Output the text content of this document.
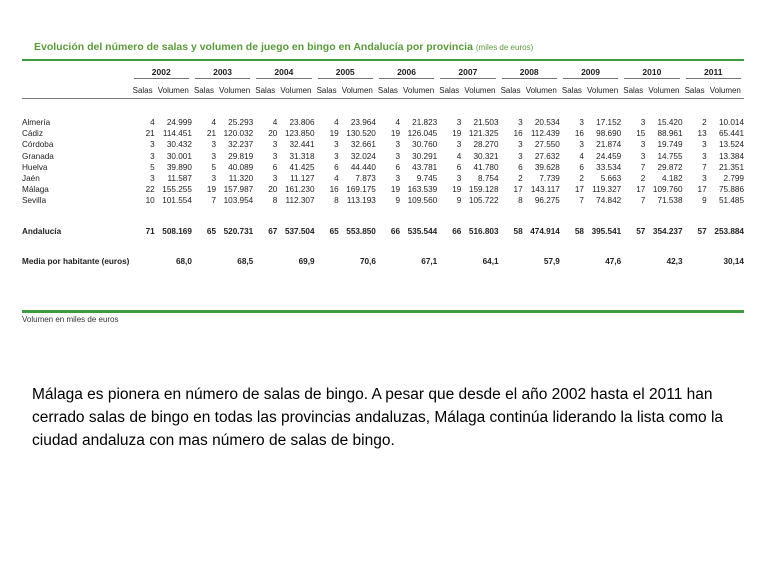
Evolución del número de salas y volumen de juego en bingo en Andalucía por provincia (miles de euros)

	2002		2003		2004		2005		2006		2007		2008		2009		2010		2011	

	Salas	Volumen	Salas	Volumen	Salas	Volumen	Salas	Volumen	Salas	Volumen	Salas	Volumen	Salas	Volumen	Salas	Volumen	Salas	Volumen	Salas	Volumen

Almería	4	24.999	4	25.293	4	23.806	4	23.964	4	21.823	3	21.503	3	20.534	3	17.152	3	15.420	2	10.014
Cádiz	21	114.451	21	120.032	20	123.850	19	130.520	19	126.045	19	121.325	16	112.439	16	98.690	15	88.961	13	65.441
Córdoba	3	30.432	3	32.237	3	32.441	3	32.661	3	30.760	3	28.270	3	27.550	3	21.874	3	19.749	3	13.524
Granada	3	30.001	3	29.819	3	31.318	3	32.024	3	30.291	4	30.321	3	27.632	4	24.459	3	14.755	3	13.384
Huelva	5	39.890	5	40.089	6	41.425	6	44.440	6	43.781	6	41.780	6	39.628	6	33.534	7	29.872	7	21.351
Jaén	3	11.587	3	11.320	3	11.127	4	7.873	3	9.745	3	8.754	2	7.739	2	5.663	2	4.182	3	2.799
Málaga	22	155.255	19	157.987	20	161.230	16	169.175	19	163.539	19	159.128	17	143.117	17	119.327	17	109.760	17	75.886
Sevilla	10	101.554	7	103.954	8	112.307	8	113.193	9	109.560	9	105.722	8	96.275	7	74.842	7	71.538	9	51.485

Andalucía	71	508.169	65	520.731	67	537.504	65	553.850	66	535.544	66	516.803	58	474.914	58	395.541	57	354.237	57	253.884

Media por habitante (euros)		68,0		68,5		69,9		70,6		67,1		64,1		57,9		47,6		42,3		30,14
Volumen en miles de euros
Málaga es pionera en número de salas de bingo. A pesar que desde el año 2002 hasta el 2011 han cerrado salas de bingo en todas las provincias andaluzas, Málaga continúa liderando la lista como la ciudad andaluza con mas número de salas de bingo.
